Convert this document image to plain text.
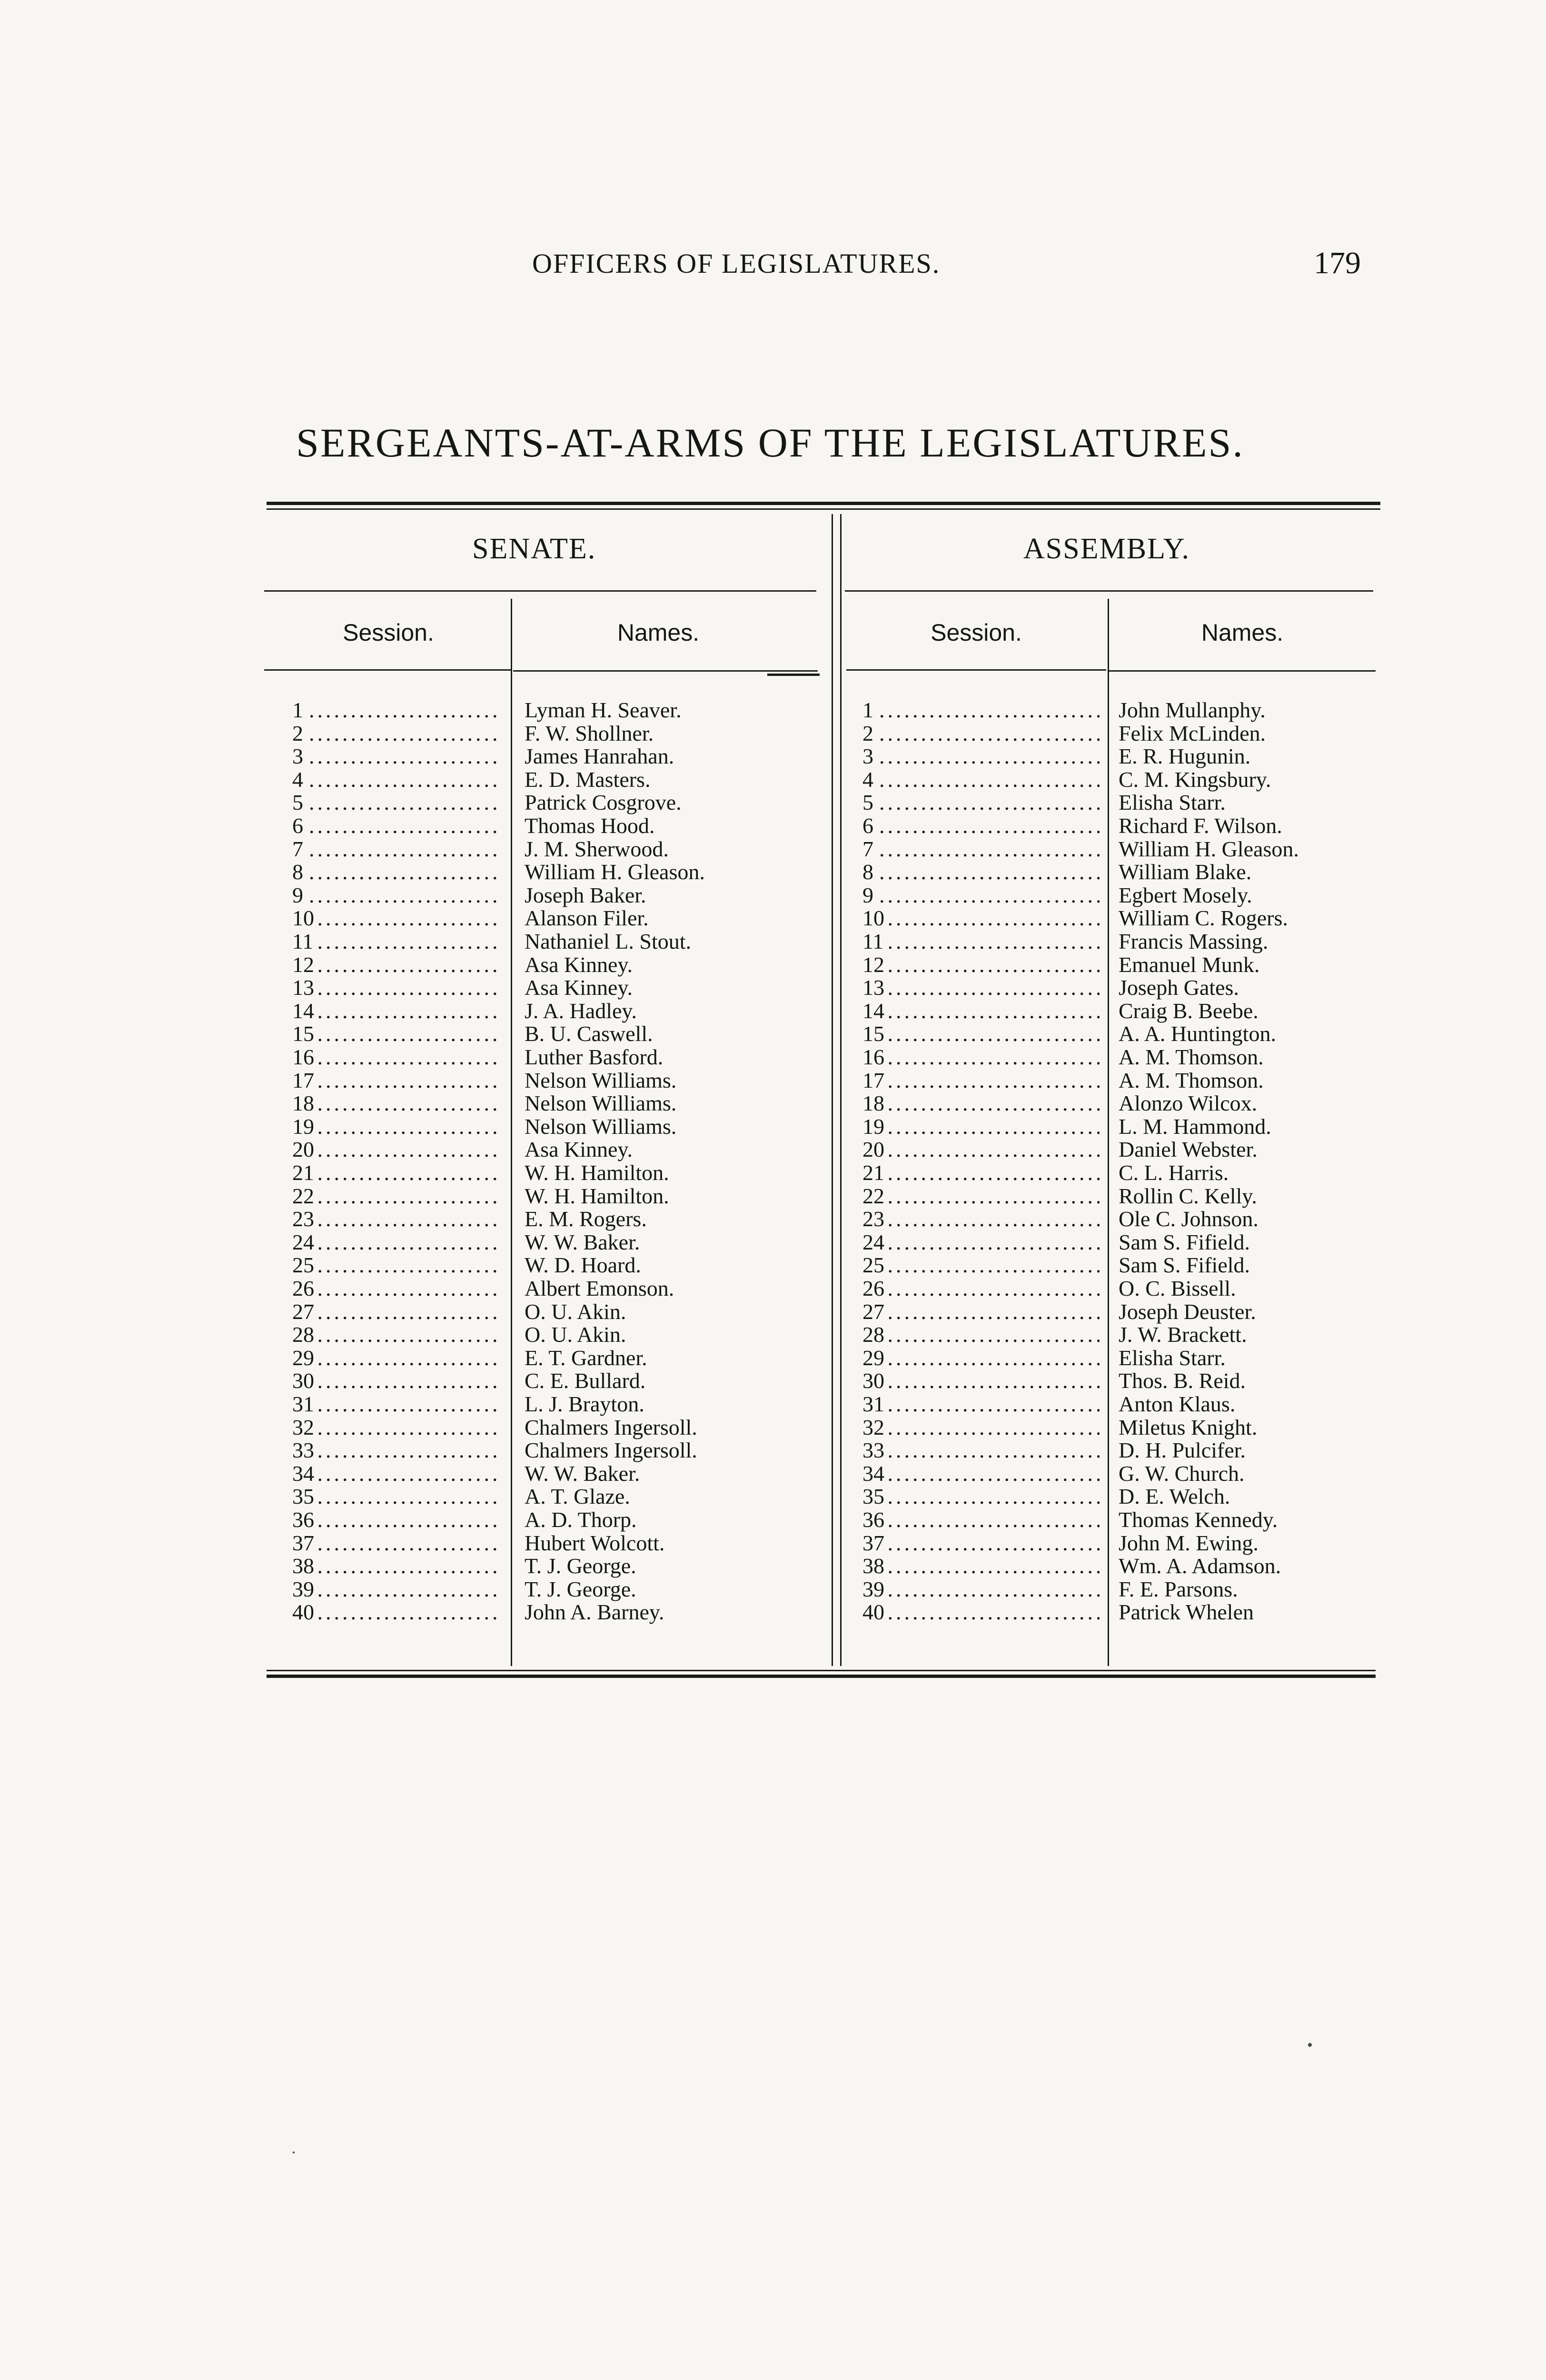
OFFICERS OF LEGISLATURES.	179
SERGEANTS-AT-ARMS OF THE LEGISLATURES.
SENATE.	ASSEMBLY.
Session.	Names.	Session.	Names.
1 .....	Lyman H. Seaver.
2 .....	F. W. Shollner.
3 .....	James Hanrahan.
4 .....	E. D. Masters.
5 .....	Patrick Cosgrove.
6 .....	Thomas Hood.
7 .....	J. M. Sherwood.
8 .....	William H. Gleason.
9 .....	Joseph Baker.
10 .....	Alanson Filer.
11 .....	Nathaniel L. Stout.
12 .....	Asa Kinney.
13 .....	Asa Kinney.
14 .....	J. A. Hadley.
15 .....	B. U. Caswell.
16 .....	Luther Basford.
17 .....	Nelson Williams.
18 .....	Nelson Williams.
19 .....	Nelson Williams.
20 .....	Asa Kinney.
21 .....	W. H. Hamilton.
22 .....	W. H. Hamilton.
23 .....	E. M. Rogers.
24 .....	W. W. Baker.
25 .....	W. D. Hoard.
26 .....	Albert Emonson.
27 .....	O. U. Akin.
28 .....	O. U. Akin.
29 .....	E. T. Gardner.
30 .....	C. E. Bullard.
31 .....	L. J. Brayton.
32 .....	Chalmers Ingersoll.
33 .....	Chalmers Ingersoll.
34 .....	W. W. Baker.
35 .....	A. T. Glaze.
36 .....	A. D. Thorp.
37 .....	Hubert Wolcott.
38 .....	T. J. George.
39 .....	T. J. George.
40 .....	John A. Barney.
1 .....	John Mullanphy.
2 .....	Felix McLinden.
3 .....	E. R. Hugunin.
4 .....	C. M. Kingsbury.
5 .....	Elisha Starr.
6 .....	Richard F. Wilson.
7 .....	William H. Gleason.
8 .....	William Blake.
9 .....	Egbert Mosely.
10 .....	William C. Rogers.
11 .....	Francis Massing.
12 .....	Emanuel Munk.
13 .....	Joseph Gates.
14 .....	Craig B. Beebe.
15 .....	A. A. Huntington.
16 .....	A. M. Thomson.
17 .....	A. M. Thomson.
18 .....	Alonzo Wilcox.
19 .....	L. M. Hammond.
20 .....	Daniel Webster.
21 .....	C. L. Harris.
22 .....	Rollin C. Kelly.
23 .....	Ole C. Johnson.
24 .....	Sam S. Fifield.
25 .....	Sam S. Fifield.
26 .....	O. C. Bissell.
27 .....	Joseph Deuster.
28 .....	J. W. Brackett.
29 .....	Elisha Starr.
30 .....	Thos. B. Reid.
31 .....	Anton Klaus.
32 .....	Miletus Knight.
33 .....	D. H. Pulcifer.
34 .....	G. W. Church.
35 .....	D. E. Welch.
36 .....	Thomas Kennedy.
37 .....	John M. Ewing.
38 .....	Wm. A. Adamson.
39 .....	F. E. Parsons.
40 .....	Patrick Whelen
